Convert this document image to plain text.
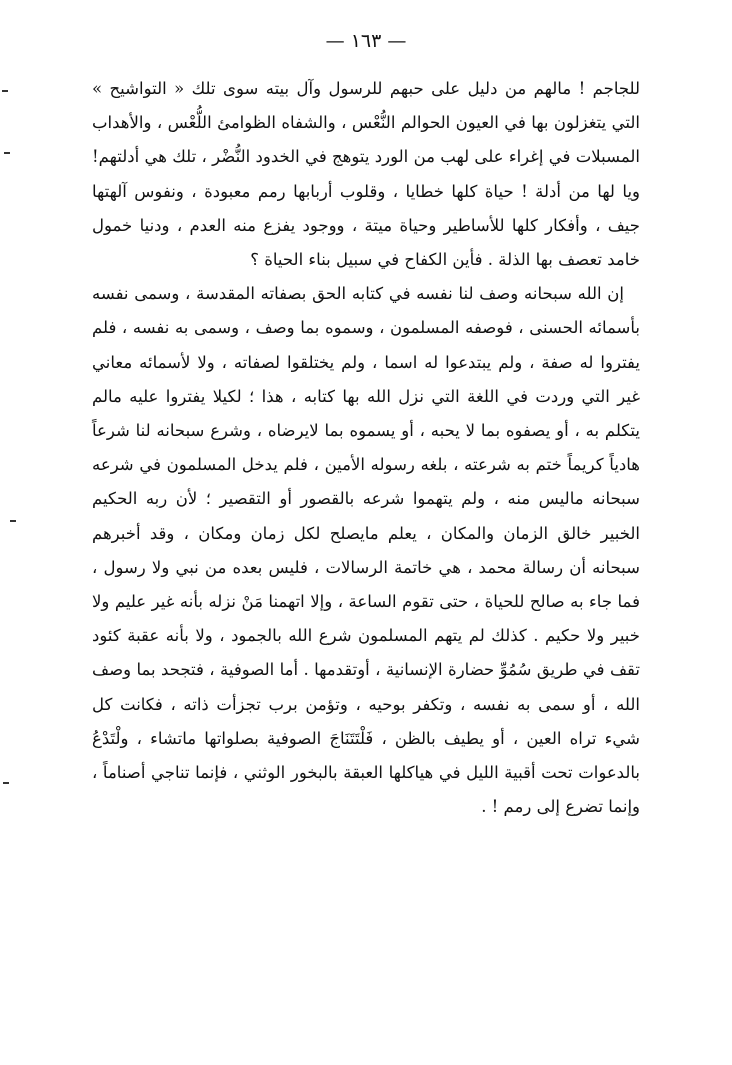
— ١٦٣ —

للجاجم ! مالهم من دليل على حبهم للرسول وآل بيته سوى تلك « التواشيح » التي يتغزلون بها في العيون الحوالم النُّعْس ، والشفاه الظوامئ اللُّعْس ، والأهداب المسبلات في إغراء على لهب من الورد يتوهج في الخدود النُّضْر ، تلك هي أدلتهم! ويا لها من أدلة ! حياة كلها خطايا ، وقلوب أربابها رمم معبودة ، ونفوس آلهتها جيف ، وأفكار كلها للأساطير وحياة ميتة ، ووجود يفزع منه العدم ، ودنيا خمول خامد تعصف بها الذلة . فأين الكفاح في سبيل بناء الحياة ؟

إن الله سبحانه وصف لنا نفسه في كتابه الحق بصفاته المقدسة ، وسمى نفسه بأسمائه الحسنى ، فوصفه المسلمون ، وسموه بما وصف ، وسمى به نفسه ، فلم يفتروا له صفة ، ولم يبتدعوا له اسما ، ولم يختلقوا لصفاته ، ولا لأسمائه معاني غير التي وردت في اللغة التي نزل الله بها كتابه ، هذا ؛ لكيلا يفتروا عليه مالم يتكلم به ، أو يصفوه بما لا يحبه ، أو يسموه بما لايرضاه ، وشرع سبحانه لنا شرعاً هادياً كريماً ختم به شرعته ، بلغه رسوله الأمين ، فلم يدخل المسلمون في شرعه سبحانه ماليس منه ، ولم يتهموا شرعه بالقصور أو التقصير ؛ لأن ربه الحكيم الخبير خالق الزمان والمكان ، يعلم مايصلح لكل زمان ومكان ، وقد أخبرهم سبحانه أن رسالة محمد ، هي خاتمة الرسالات ، فليس بعده من نبي ولا رسول ، فما جاء به صالح للحياة ، حتى تقوم الساعة ، وإلا اتهمنا مَنْ نزله بأنه غير عليم ولا خبير ولا حكيم . كذلك لم يتهم المسلمون شرع الله بالجمود ، ولا بأنه عقبة كئود تقف في طريق سُمُوِّ حضارة الإنسانية ، أوتقدمها . أما الصوفية ، فتجحد بما وصف الله ، أو سمى به نفسه ، وتكفر بوحيه ، وتؤمن برب تجزأت ذاته ، فكانت كل شيء تراه العين ، أو يطيف بالظن ، فَلْتَتَنَاجَ الصوفية بصلواتها ماتشاء ، ولْتَدْعُ بالدعوات تحت أقبية الليل في هياكلها العبقة بالبخور الوثني ، فإنما تناجي أصناماً ، وإنما تضرع إلى رمم ! .
